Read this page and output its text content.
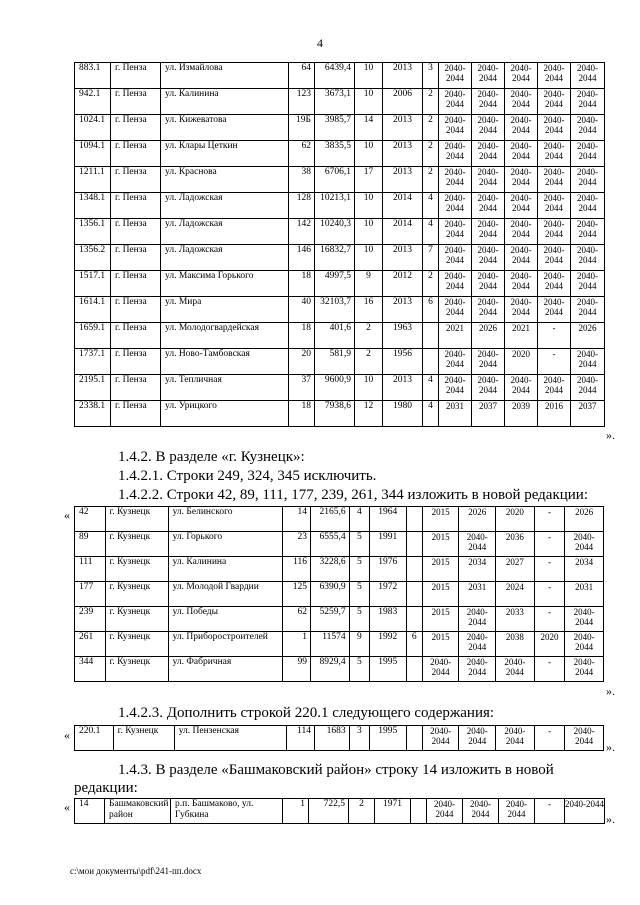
4
883.1	г. Пенза	ул. Измайлова	64	6439,4	10	2013	3	2040-2044	2040-2044	2040-2044	2040-2044	2040-2044
942.1	г. Пенза	ул. Калинина	123	3673,1	10	2006	2	2040-2044	2040-2044	2040-2044	2040-2044	2040-2044
1024.1	г. Пенза	ул. Кижеватова	19Б	3985,7	14	2013	2	2040-2044	2040-2044	2040-2044	2040-2044	2040-2044
1094.1	г. Пенза	ул. Клары Цеткин	62	3835,5	10	2013	2	2040-2044	2040-2044	2040-2044	2040-2044	2040-2044
1211.1	г. Пенза	ул. Краснова	38	6706,1	17	2013	2	2040-2044	2040-2044	2040-2044	2040-2044	2040-2044
1348.1	г. Пенза	ул. Ладожская	128	10213,1	10	2014	4	2040-2044	2040-2044	2040-2044	2040-2044	2040-2044
1356.1	г. Пенза	ул. Ладожская	142	10240,3	10	2014	4	2040-2044	2040-2044	2040-2044	2040-2044	2040-2044
1356.2	г. Пенза	ул. Ладожская	146	16832,7	10	2013	7	2040-2044	2040-2044	2040-2044	2040-2044	2040-2044
1517.1	г. Пенза	ул. Максима Горького	18	4997,5	9	2012	2	2040-2044	2040-2044	2040-2044	2040-2044	2040-2044
1614.1	г. Пенза	ул. Мира	40	32103,7	16	2013	6	2040-2044	2040-2044	2040-2044	2040-2044	2040-2044
1659.1	г. Пенза	ул. Молодогвардейская	18	401,6	2	1963		2021	2026	2021	-	2026
1737.1	г. Пенза	ул. Ново-Тамбовская	20	581,9	2	1956		2040-2044	2040-2044	2020	-	2040-2044
2195.1	г. Пенза	ул. Тепличная	37	9600,9	10	2013	4	2040-2044	2040-2044	2040-2044	2040-2044	2040-2044
2338.1	г. Пенза	ул. Урицкого	18	7938,6	12	1980	4	2031	2037	2039	2016	2037
».
1.4.2. В разделе «г. Кузнецк»:
1.4.2.1. Строки 249, 324, 345 исключить.
1.4.2.2. Строки 42, 89, 111, 177, 239, 261, 344 изложить в новой редакции:
« 42	г. Кузнецк	ул. Белинского	14	2165,6	4	1964		2015	2026	2020	-	2026
89	г. Кузнецк	ул. Горького	23	6555,4	5	1991		2015	2040-2044	2036	-	2040-2044
111	г. Кузнецк	ул. Калинина	116	3228,6	5	1976		2015	2034	2027	-	2034
177	г. Кузнецк	ул. Молодой Гвардии	125	6390,9	5	1972		2015	2031	2024	-	2031
239	г. Кузнецк	ул. Победы	62	5259,7	5	1983		2015	2040-2044	2033	-	2040-2044
261	г. Кузнецк	ул. Приборостроителей	1	11574	9	1992	6	2015	2040-2044	2038	2020	2040-2044
344	г. Кузнецк	ул. Фабричная	99	8929,4	5	1995		2040-2044	2040-2044	2040-2044	-	2040-2044
».
1.4.2.3. Дополнить строкой 220.1 следующего содержания:
« 220.1	г. Кузнецк	ул. Пензенская	114	1683	3	1995		2040-2044	2040-2044	2040-2044	-	2040-2044 ».
1.4.3. В разделе «Башмаковский район» строку 14 изложить в новой
редакции:
« 14	Башмаковский район	р.п. Башмаково, ул. Губкина	1	722,5	2	1971		2040-2044	2040-2044	2040-2044	-	2040-2044
».
c:\мои документы\pdf\241-пп.docx
